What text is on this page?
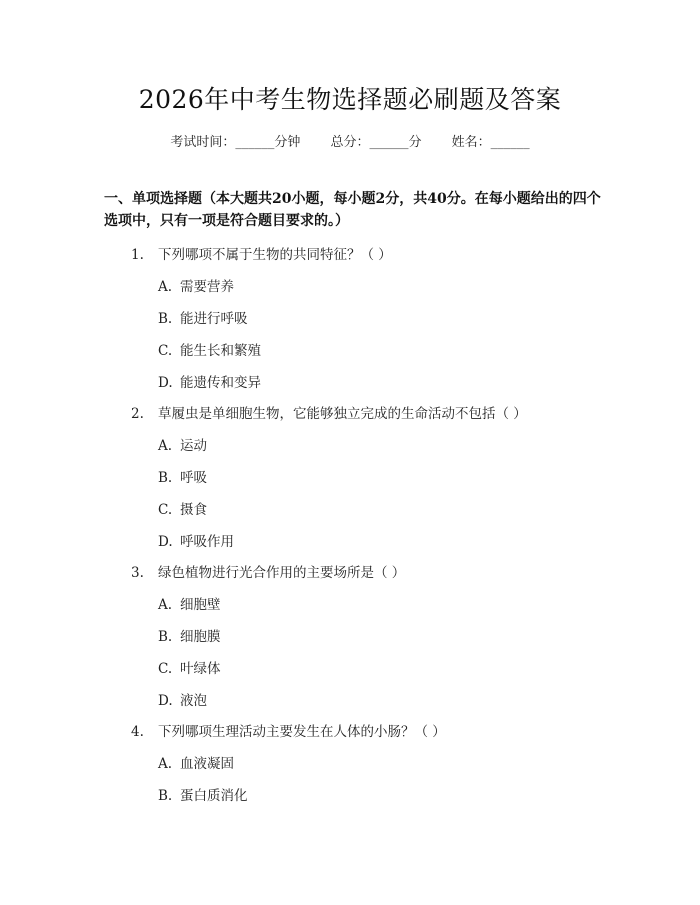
2026年中考生物选择题必刷题及答案
考试时间：______分钟 总分：______分 姓名：______
一、单项选择题（本大题共20小题，每小题2分，共40分。在每小题给出的四个选项中，只有一项是符合题目要求的。）
1. 下列哪项不属于生物的共同特征？（ ）
A. 需要营养
B. 能进行呼吸
C. 能生长和繁殖
D. 能遗传和变异
2. 草履虫是单细胞生物，它能够独立完成的生命活动不包括（ ）
A. 运动
B. 呼吸
C. 摄食
D. 呼吸作用
3. 绿色植物进行光合作用的主要场所是（ ）
A. 细胞壁
B. 细胞膜
C. 叶绿体
D. 液泡
4. 下列哪项生理活动主要发生在人体的小肠？（ ）
A. 血液凝固
B. 蛋白质消化
